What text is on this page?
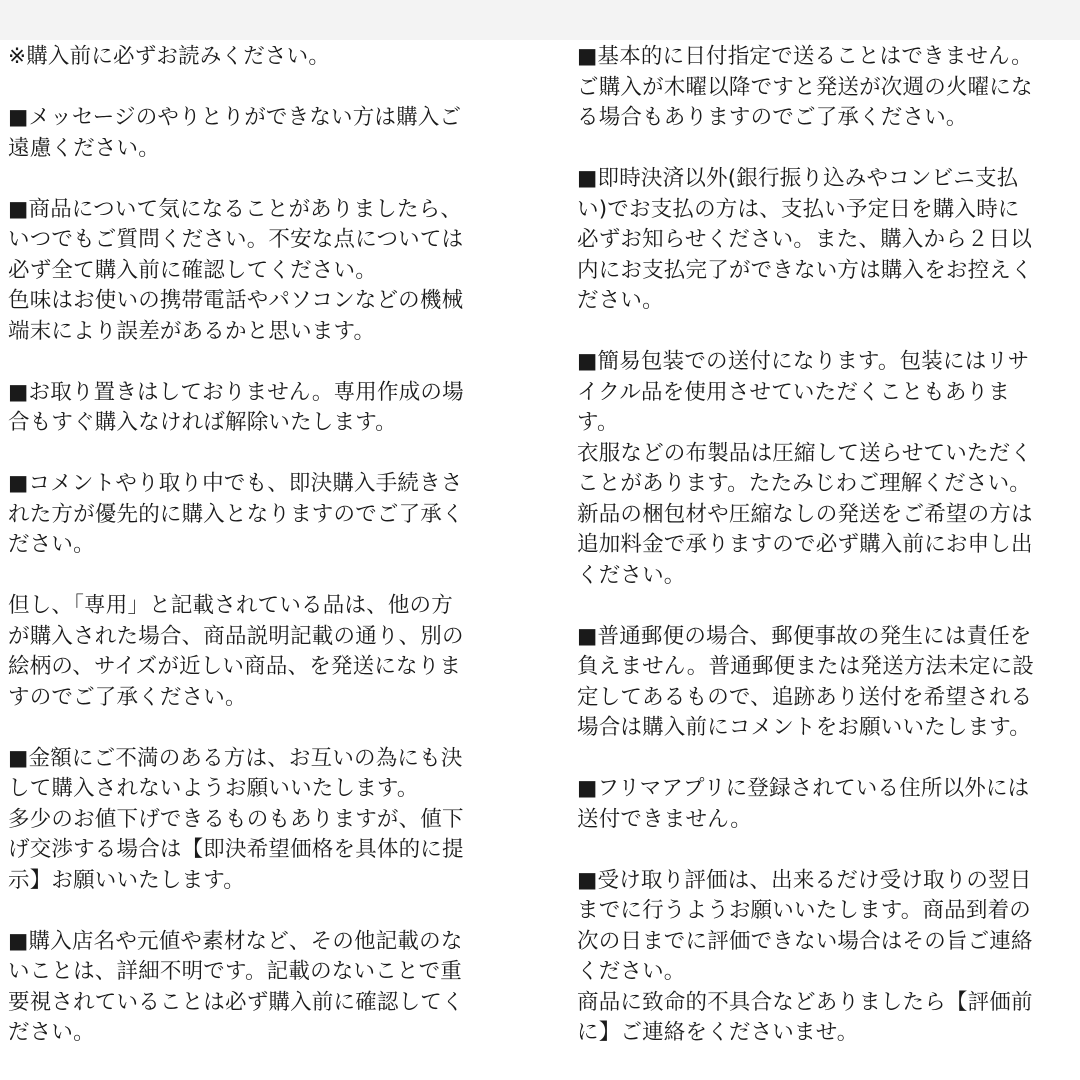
※購入前に必ずお読みください。
■メッセージのやりとりができない方は購入ご
遠慮ください。
■商品について気になることがありましたら、
いつでもご質問ください。不安な点については
必ず全て購入前に確認してください。
色味はお使いの携帯電話やパソコンなどの機械
端末により誤差があるかと思います。
■お取り置きはしておりません。専用作成の場
合もすぐ購入なければ解除いたします。
■コメントやり取り中でも、即決購入手続きさ
れた方が優先的に購入となりますのでご了承く
ださい。
但し、「専用」と記載されている品は、他の方
が購入された場合、商品説明記載の通り、別の
絵柄の、サイズが近しい商品、を発送になりま
すのでご了承ください。
■金額にご不満のある方は、お互いの為にも決
して購入されないようお願いいたします。
多少のお値下げできるものもありますが、値下
げ交渉する場合は【即決希望価格を具体的に提
示】お願いいたします。
■購入店名や元値や素材など、その他記載のな
いことは、詳細不明です。記載のないことで重
要視されていることは必ず購入前に確認してく
ださい。
■基本的に日付指定で送ることはできません。
ご購入が木曜以降ですと発送が次週の火曜にな
る場合もありますのでご了承ください。
■即時決済以外(銀行振り込みやコンビニ支払
い)でお支払の方は、支払い予定日を購入時に
必ずお知らせください。また、購入から２日以
内にお支払完了ができない方は購入をお控えく
ださい。
■簡易包装での送付になります。包装にはリサ
イクル品を使用させていただくこともありま
す。
衣服などの布製品は圧縮して送らせていただく
ことがあります。たたみじわご理解ください。
新品の梱包材や圧縮なしの発送をご希望の方は
追加料金で承りますので必ず購入前にお申し出
ください。
■普通郵便の場合、郵便事故の発生には責任を
負えません。普通郵便または発送方法未定に設
定してあるもので、追跡あり送付を希望される
場合は購入前にコメントをお願いいたします。
■フリマアプリに登録されている住所以外には
送付できません。
■受け取り評価は、出来るだけ受け取りの翌日
までに行うようお願いいたします。商品到着の
次の日までに評価できない場合はその旨ご連絡
ください。
商品に致命的不具合などありましたら【評価前
に】ご連絡をくださいませ。
